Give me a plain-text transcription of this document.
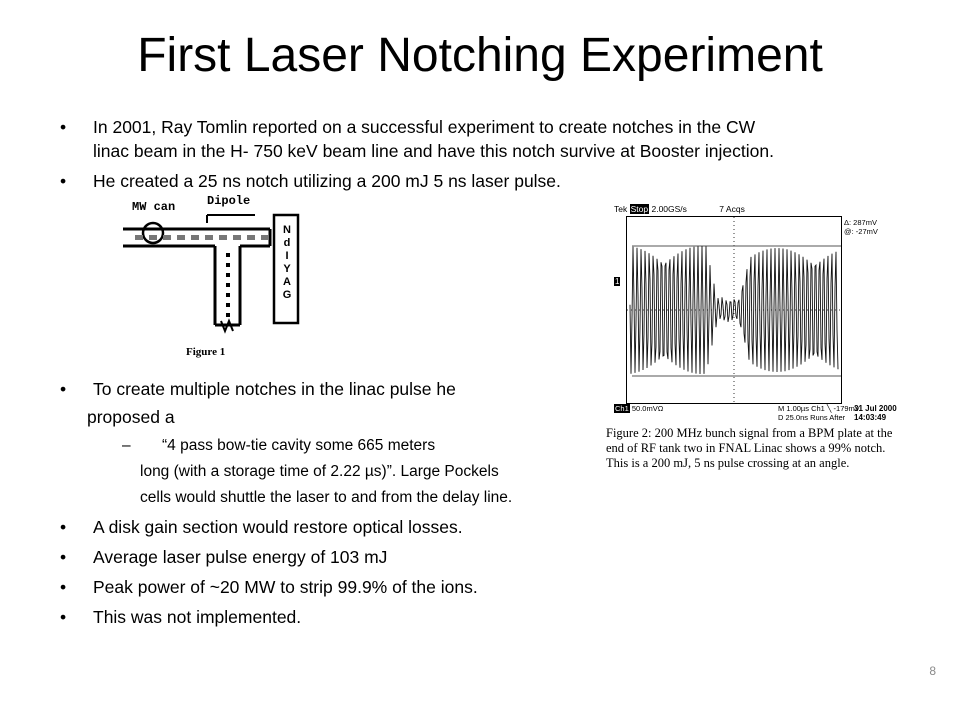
First Laser Notching Experiment
• In 2001, Ray Tomlin reported on a successful experiment to create notches in the CW
linac beam in the H- 750 keV beam line and have this notch survive at Booster injection.
• He created a 25 ns notch utilizing a 200 mJ 5 ns laser pulse.
MW can	Dipole
N
d
I
Y
A
G
Figure 1
Tek Stop 2.00GS/s	7 Acqs
1
Δ: 287mV
@: -27mV
Ch1 50.0mVΩ	M 1.00µs Ch1 ╲ -179mV
D 25.0ns Runs After
31 Jul 2000
14:03:49
Figure 2: 200 MHz bunch signal from a BPM plate at the
end of RF tank two in FNAL Linac shows a 99% notch.
This is a 200 mJ, 5 ns pulse crossing at an angle.
• To create multiple notches in the linac pulse he
proposed a
– “4 pass bow-tie cavity some 665 meters
long (with a storage time of 2.22 µs)”. Large Pockels
cells would shuttle the laser to and from the delay line.
• A disk gain section would restore optical losses.
• Average laser pulse energy of 103 mJ
• Peak power of ~20 MW to strip 99.9% of the ions.
• This was not implemented.
8
